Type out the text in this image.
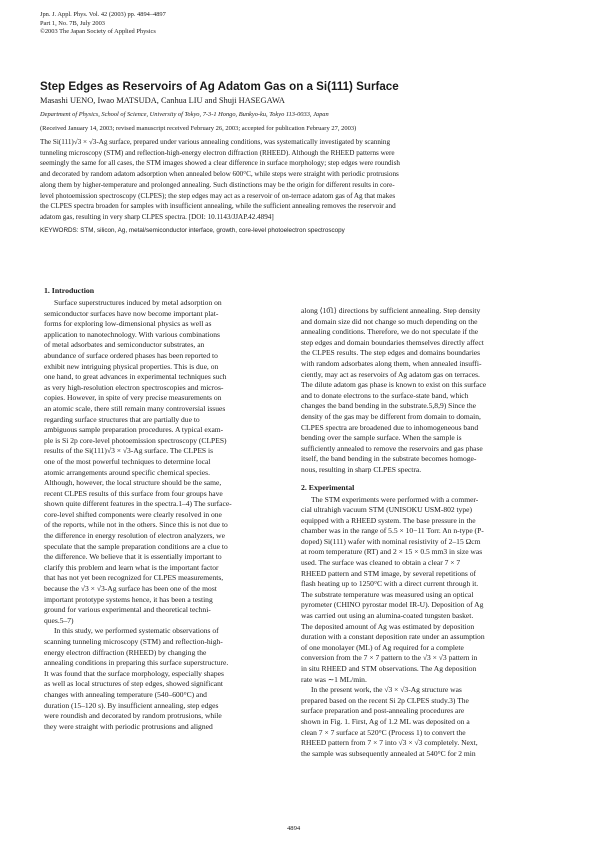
Jpn. J. Appl. Phys. Vol. 42 (2003) pp. 4894–4897
Part 1, No. 7B, July 2003
©2003 The Japan Society of Applied Physics
Step Edges as Reservoirs of Ag Adatom Gas on a Si(111) Surface
Masashi UENO, Iwao MATSUDA, Canhua LIU and Shuji HASEGAWA
Department of Physics, School of Science, University of Tokyo, 7-3-1 Hongo, Bunkyo-ku, Tokyo 113-0033, Japan
(Received January 14, 2003; revised manuscript received February 26, 2003; accepted for publication February 27, 2003)
The Si(111)√3 × √3-Ag surface, prepared under various annealing conditions, was systematically investigated by scanning
tunneling microscopy (STM) and reflection-high-energy electron diffraction (RHEED). Although the RHEED patterns were
seemingly the same for all cases, the STM images showed a clear difference in surface morphology; step edges were roundish
and decorated by random adatom adsorption when annealed below 600°C, while steps were straight with periodic protrusions
along them by higher-temperature and prolonged annealing. Such distinctions may be the origin for different results in core-
level photoemission spectroscopy (CLPES); the step edges may act as a reservoir of on-terrace adatom gas of Ag that makes
the CLPES spectra broaden for samples with insufficient annealing, while the sufficient annealing removes the reservoir and
adatom gas, resulting in very sharp CLPES spectra. [DOI: 10.1143/JJAP.42.4894]
KEYWORDS: STM, silicon, Ag, metal/semiconductor interface, growth, core-level photoelectron spectroscopy
1. Introduction
Surface superstructures induced by metal adsorption on
semiconductor surfaces have now become important plat-
forms for exploring low-dimensional physics as well as
application to nanotechnology. With various combinations
of metal adsorbates and semiconductor substrates, an
abundance of surface ordered phases has been reported to
exhibit new intriguing physical properties. This is due, on
one hand, to great advances in experimental techniques such
as very high-resolution electron spectroscopies and micros-
copies. However, in spite of very precise measurements on
an atomic scale, there still remain many controversial issues
regarding surface structures that are partially due to
ambiguous sample preparation procedures. A typical exam-
ple is Si 2p core-level photoemission spectroscopy (CLPES)
results of the Si(111)√3 × √3-Ag surface. The CLPES is
one of the most powerful techniques to determine local
atomic arrangements around specific chemical species.
Although, however, the local structure should be the same,
recent CLPES results of this surface from four groups have
shown quite different features in the spectra.1–4) The surface-
core-level shifted components were clearly resolved in one
of the reports, while not in the others. Since this is not due to
the difference in energy resolution of electron analyzers, we
speculate that the sample preparation conditions are a clue to
the difference. We believe that it is essentially important to
clarify this problem and learn what is the important factor
that has not yet been recognized for CLPES measurements,
because the √3 × √3-Ag surface has been one of the most
important prototype systems hence, it has been a testing
ground for various experimental and theoretical techni-
ques.5–7)
In this study, we performed systematic observations of
scanning tunneling microscopy (STM) and reflection-high-
energy electron diffraction (RHEED) by changing the
annealing conditions in preparing this surface superstructure.
It was found that the surface morphology, especially shapes
as well as local structures of step edges, showed significant
changes with annealing temperature (540–600°C) and
duration (15–120 s). By insufficient annealing, step edges
were roundish and decorated by random protrusions, while
they were straight with periodic protrusions and aligned
along ⟨10̅1⟩ directions by sufficient annealing. Step density
and domain size did not change so much depending on the
annealing conditions. Therefore, we do not speculate if the
step edges and domain boundaries themselves directly affect
the CLPES results. The step edges and domains boundaries
with random adsorbates along them, when annealed insuffi-
ciently, may act as reservoirs of Ag adatom gas on terraces.
The dilute adatom gas phase is known to exist on this surface
and to donate electrons to the surface-state band, which
changes the band bending in the substrate.5,8,9) Since the
density of the gas may be different from domain to domain,
CLPES spectra are broadened due to inhomogeneous band
bending over the sample surface. When the sample is
sufficiently annealed to remove the reservoirs and gas phase
itself, the band bending in the substrate becomes homoge-
nous, resulting in sharp CLPES spectra.
2. Experimental
The STM experiments were performed with a commer-
cial ultrahigh vacuum STM (UNISOKU USM-802 type)
equipped with a RHEED system. The base pressure in the
chamber was in the range of 5.5 × 10−11 Torr. An n-type (P-
doped) Si(111) wafer with nominal resistivity of 2–15 Ωcm
at room temperature (RT) and 2 × 15 × 0.5 mm3 in size was
used. The surface was cleaned to obtain a clear 7 × 7
RHEED pattern and STM image, by several repetitions of
flash heating up to 1250°C with a direct current through it.
The substrate temperature was measured using an optical
pyrometer (CHINO pyrostar model IR-U). Deposition of Ag
was carried out using an alumina-coated tungsten basket.
The deposited amount of Ag was estimated by deposition
duration with a constant deposition rate under an assumption
of one monolayer (ML) of Ag required for a complete
conversion from the 7 × 7 pattern to the √3 × √3 pattern in
in situ RHEED and STM observations. The Ag deposition
rate was ∼1 ML/min.
In the present work, the √3 × √3-Ag structure was
prepared based on the recent Si 2p CLPES study.3) The
surface preparation and post-annealing procedures are
shown in Fig. 1. First, Ag of 1.2 ML was deposited on a
clean 7 × 7 surface at 520°C (Process 1) to convert the
RHEED pattern from 7 × 7 into √3 × √3 completely. Next,
the sample was subsequently annealed at 540°C for 2 min
4894
